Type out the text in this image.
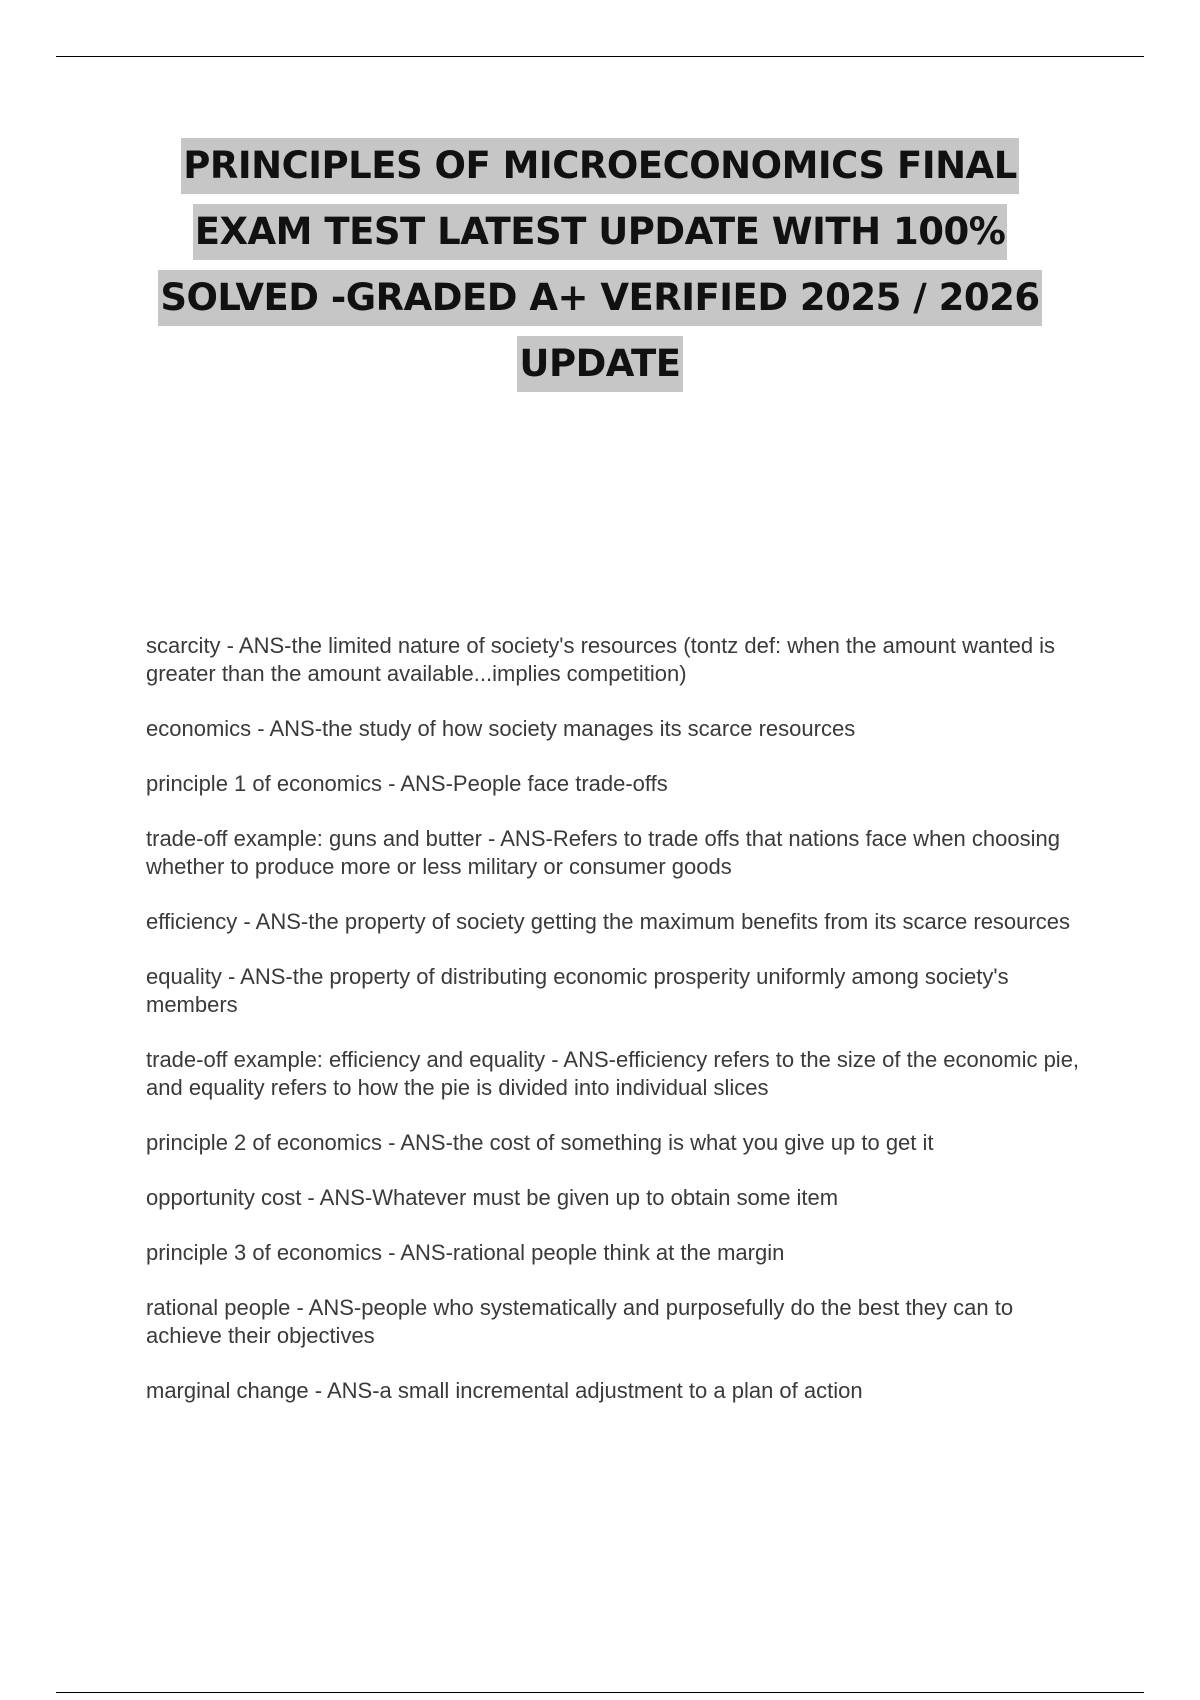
PRINCIPLES OF MICROECONOMICS FINAL
EXAM TEST LATEST UPDATE WITH 100%
SOLVED -GRADED A+ VERIFIED 2025 / 2026
UPDATE
scarcity - ANS-the limited nature of society's resources (tontz def: when the amount wanted is greater than the amount available...implies competition)
economics - ANS-the study of how society manages its scarce resources
principle 1 of economics - ANS-People face trade-offs
trade-off example: guns and butter - ANS-Refers to trade offs that nations face when choosing whether to produce more or less military or consumer goods
efficiency - ANS-the property of society getting the maximum benefits from its scarce resources
equality - ANS-the property of distributing economic prosperity uniformly among society's members
trade-off example: efficiency and equality - ANS-efficiency refers to the size of the economic pie, and equality refers to how the pie is divided into individual slices
principle 2 of economics - ANS-the cost of something is what you give up to get it
opportunity cost - ANS-Whatever must be given up to obtain some item
principle 3 of economics - ANS-rational people think at the margin
rational people - ANS-people who systematically and purposefully do the best they can to achieve their objectives
marginal change - ANS-a small incremental adjustment to a plan of action
